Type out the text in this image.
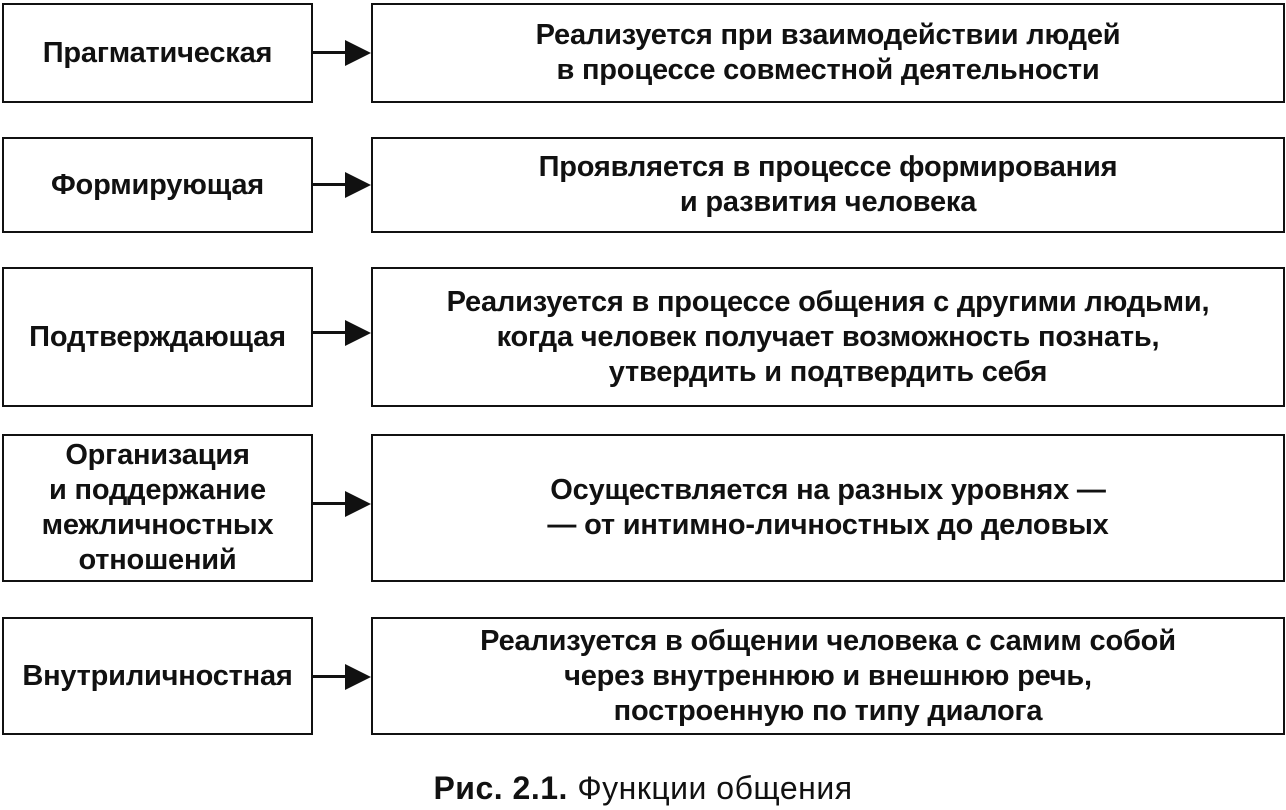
Прагматическая
Реализуется при взаимодействии людей
в процессе совместной деятельности
Формирующая
Проявляется в процессе формирования
и развития человека
Подтверждающая
Реализуется в процессе общения с другими людьми,
когда человек получает возможность познать,
утвердить и подтвердить себя
Организация
и поддержание
межличностных
отношений
Осуществляется на разных уровнях —
— от интимно-личностных до деловых
Внутриличностная
Реализуется в общении человека с самим собой
через внутреннюю и внешнюю речь,
построенную по типу диалога
Рис. 2.1. Функции общения
